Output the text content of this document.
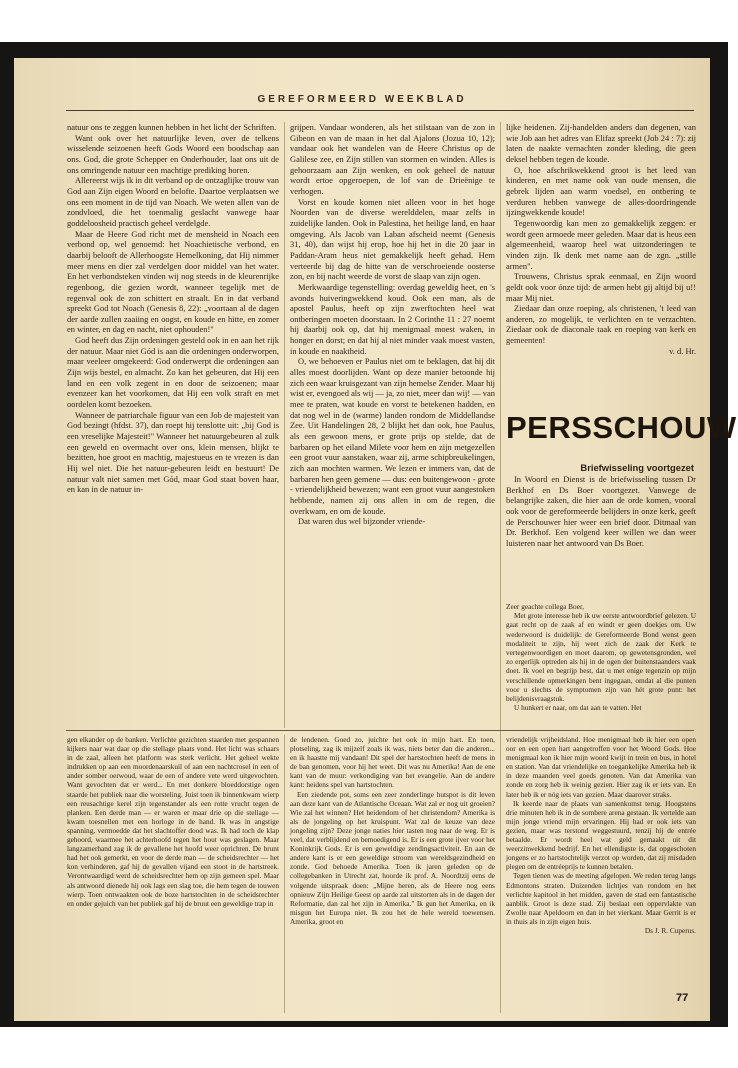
GEREFORMEERD WEEKBLAD

natuur ons te zeggen kunnen hebben in het licht der Schriften.

Want ook over het natuurlijke leven, over de telkens wisselende seizoenen heeft Gods Woord een boodschap aan ons. God, die grote Schepper en Onderhouder, laat ons uit de ons omringende natuur een machtige prediking horen.

Allereerst wijs ik in dit verband op de ontzaglijke trouw van God aan Zijn eigen Woord en belofte. Daartoe verplaatsen we ons een moment in de tijd van Noach. We weten allen van de zondvloed, die het toenmalig geslacht vanwege haar goddeloosheid practisch geheel verdelgde.

Maar de Heere God richt met de mensheid in Noach een verbond op, wel genoemd: het Noachietische verbond, en daarbij belooft de Allerhoogste Hemelkoning, dat Hij nimmer meer mens en dier zal verdelgen door middel van het water. En het verbondsteken vinden wij nog steeds in de kleurenrijke regenboog, die gezien wordt, wanneer tegelijk met de regenval ook de zon schittert en straalt. En in dat verband spreekt God tot Noach (Genesis 8, 22): „voortaan al de dagen der aarde zullen zaaiing en oogst, en koude en hitte, en zomer en winter, en dag en nacht, niet ophouden!"

God heeft dus Zijn ordeningen gesteld ook in en aan het rijk der natuur. Maar niet Gód is aan die ordeningen onderworpen, maar veeleer omgekeerd: God onderwerpt die ordeningen aan Zijn wijs bestel, en almacht. Zo kan het gebeuren, dat Hij een land en een volk zegent in en door de seizoenen; maar evenzeer kan het voorkomen, dat Hij een volk straft en met oordelen komt bezoeken.

Wanneer de patriarchale figuur van een Job de majesteit van God bezingt (hfdst. 37), dan roept hij tenslotte uit: „bij God is een vreselijke Majesteit!" Wanneer het natuurgebeuren al zulk een geweld en overmacht over ons, klein mensen, blijkt te bezitten, hoe groot en machtig, majestueus en te vrezen is dan Hij wel niet. Die het natuur-gebeuren leidt en bestuurt! De natuur valt niet samen met Gód, maar God staat boven haar, en kan in de natuur in-

grijpen. Vandaar wonderen, als het stilstaan van de zon in Gibeon en van de maan in het dal Ajalons (Jozua 10, 12); vandaar ook het wandelen van de Heere Christus op de Galilese zee, en Zijn stillen van stormen en winden. Alles is gehoorzaam aan Zijn wenken, en ook geheel de natuur wordt ertoe opgeroepen, de lof van de Drieënige te verhogen.

Vorst en koude komen niet alleen voor in het hoge Noorden van de diverse werelddelen, maar zelfs in zuidelijke landen. Ook in Palestina, het heilige land, en haar omgeving. Als Jacob van Laban afscheid neemt (Genesis 31, 40), dan wijst hij erop, hoe hij het in die 20 jaar in Paddan-Aram heus niet gemakkelijk heeft gehad. Hem verteerde bij dag de hitte van de verschroeiende oosterse zon, en bij nacht weerde de vorst de slaap van zijn ogen.

Merkwaardige tegenstelling: overdag geweldig heet, en 's avonds huiveringwekkend koud. Ook een man, als de apostel Paulus, heeft op zijn zwerftochten heel wat ontberingen moeten doorstaan. In 2 Corinthe 11 : 27 noemt hij daarbij ook op, dat hij menigmaal moest waken, in honger en dorst; en dat hij al niet minder vaak moest vasten, in koude en naaktheid.

O, we behoeven er Paulus niet om te beklagen, dat hij dit alles moest doorlijden. Want op deze manier betoonde hij zich een waar kruisgezant van zijn hemelse Zender. Maar hij wist er, evengoed als wij — ja, zo niet, meer dan wij! — van mee te praten, wat koude en vorst te betekenen hadden, en dat nog wel in de (warme) landen rondom de Middellandse Zee. Uit Handelingen 28, 2 blijkt het dan ook, hoe Paulus, als een gewoon mens, er grote prijs op stelde, dat de barbaren op het eiland Milete voor hem en zijn metgezellen een groot vuur aanstaken, waar zij, arme schipbreukelingen, zich aan mochten warmen. We lezen er immers van, dat de barbaren hen geen gemene — dus: een buitengewoon - grote - vriendelijkheid bewezen; want een groot vuur aangestoken hebbende, namen zij ons allen in om de regen, die overkwam, en om de koude.

Dat waren dus wel bijzonder vriende-

lijke heidenen. Zij-handelden anders dan degenen, van wie Job aan het adres van Elifaz spreekt (Job 24 : 7): zij laten de naakte vernachten zonder kleding, die geen deksel hebben tegen de koude.

O, hoe afschrikwekkend groot is het leed van kinderen, en met name ook van oude mensen, die gebrek lijden aan warm voedsel, en ontbering te verduren hebben vanwege de alles-doordringende ijzingwekkende koude!

Tegenwoordig kan men zo gemakkelijk zeggen: er wordt geen armoede meer geleden. Maar dat is heus een algemeenheid, waarop heel wat uitzonderingen te vinden zijn. Ik denk met name aan de zgn. „stille armen".

Trouwens, Christus sprak eenmaal, en Zijn woord geldt ook voor ónze tijd: de armen hebt gij altijd bij u!! maar Mij niet.

Ziedaar dan onze roeping, als christenen, 't leed van anderen, zo mogelijk, te verlichten en te verzachten. Ziedaar ook de diaconale taak en roeping van kerk en gemeenten!

v. d. Hr.

PERSSCHOUW
Briefwisseling voortgezet

In Woord en Dienst is de briefwisseling tussen Dr Berkhof en Ds Boer voortgezet. Vanwege de belangrijke zaken, die hier aan de orde komen, vooral ook voor de gereformeerde belijders in onze kerk, geeft de Perschouwer hier weer een brief door. Ditmaal van Dr. Berkhof. Een volgend keer willen we dan weer luisteren naar het antwoord van Ds Boer.

Zeer geachte collega Boer,

Met grote interesse heb ik uw eerste antwoordbrief gelezen. U gaat recht op de zaak af en windt er geen doekjes om. Uw wederwoord is duidelijk: de Gereformeerde Bond wenst geen modaliteit te zijn, hij weet zich de zaak der Kerk te vertegenwoordigen en moet daarom, op gewetensgronden, wel zo ergerlijk optreden als hij in de ogen der buitenstaanders vaak doet. Ik voel en begrijp best, dat u met enige tegenzin op mijn verschillende opmerkingen bent ingegaan, omdat al die punten voor u slechts de symptomen zijn van hét grote punt: het belijdenisvraagstuk.

U hunkert er naar, om dat aan te vatten. Het

gen elkander op de banken. Verlichte gezichten staarden met gespannen kijkers naar wat daar op die stellage plaats vond. Het licht was schaars in de zaal, alleen het platform was sterk verlicht. Het geheel wekte indrukken op aan een moordenaarskuil of aan een nachtcrosel in een of ander somber oerwoud, waar de een of andere vete werd uitgevochten. Want gevochten dat er werd... En met donkere bloeddorstige ogen staarde het publiek naar die worsteling. Juist toen ik binnenkwam wierp een reusachtige kerel zijn tegenstander als een rotte vrucht tegen de planken. Een derde man — er waren er maar drie op die stellage — kwam toesnellen met een horloge in de hand. Ik was in angstige spanning, vermoedde dat het slachtoffer dood was. Ik had toch de klap gehoord, waarmee het achterhoofd tegen het hout was geslagen. Maar langzamerhand zag ik de gevallene het hoofd weer oprichten. De brunt had het ook gemerkt, en voor de derde man — de scheidsrechter — het kon verhinderen, gaf hij de gevallen vijand een stoot in de hartstreek. Verontwaardigd werd de scheidsrechter hem op zijn gemeen spel. Maar als antwoord dienede hij ook lags een slag toe, die hem tegen de touwen wierp. Toen ontwaakten ook de boze hartstochten in de scheidsrechter en onder gejuich van het publiek gaf hij de bruut een geweldige trap in

de lendenen. Goed zo, juichte het ook in mijn hart. En toen, plotseling, zag ik mijzelf zoals ik was, niets beter dan die anderen... en ik haastte mij vandaan! Dit spel der hartstochten heeft de mens in de ban genomen, voor hij het weet. Dit was nu Amerika! Aan de ene kant van de muur: verkondiging van het evangelie. Aan de andere kant: heidens spel van hartstochten.

Een ziedende pot, soms een zeer zonderlinge hutspot is dit leven aan deze kant van de Atlantische Oceaan. Wat zal er nog uit groeien? Wie zal het winnen? Het heidendom of het christendom? Amerika is als de jongeling op het kruispunt. Wat zal de keuze van deze jongeling zijn? Deze jonge naties hier tasten nog naar de weg. Er is veel, dat verblijdend en bemoedigend is. Er is een grote ijver voor het Koninkrijk Gods. Er is een geweldige zendingsactiviteit. En aan de andere kant is er een geweldige stroom van wereldsgezindheid en zonde. God behoede Amerika. Toen ik jaren geleden op de collegebanken in Utrecht zat, hoorde ik prof. A. Noordtzij eens de volgende uitspraak doen: „Mijne heren, als de Heere nog eens opnieuw Zijn Heilige Geest op aarde zal uitstorten als in de dagen der Reformatie, dan zal het zijn in Amerika." Ik gun het Amerika, en ik misgun het Europa niet. Ik zou het de hele wereld toewensen. Amerika, groot en

vriendelijk vrijheidsland. Hoe menigmaal heb ik hier een open oor en een open hart aangetroffen voor het Woord Gods. Hoe menigmaal kon ik hier mijn woord kwijt in trein en bus, in hotel en station. Van dat vriendelijke en toegankelijke Amerika heb ik in deze maanden veel goeds genoten. Van dat Amerika van zonde en zorg heb ik weinig gezien. Hier zag ik er iets van. En later heb ik er nóg iets van gezien. Maar daarover straks.

Ik keerde naar de plaats van samenkomst terug. Hoogstens drie minuten heb ik in de sombere arena gestaan. Ik vertelde aan mijn jonge vriend mijn ervaringen. Hij had er ook iets van gezien, maar was terstond weggestuurd, tenzij hij de entrée betaalde. Er wordt heel wat geld gemaakt uit dit weerzinwekkend bedrijf. En het ellendigste is, dat opgeschoten jongens er zo hartstochtelijk verzot op worden, dat zij misdaden plegen om de entréeprijs te kunnen betalen.

Tegen tienen was de meeting afgelopen. We reden terug langs Edmontons straten. Duizenden lichtjes van rondom en het verlichte kapitool in het midden, gaven de stad een fantastische aanblik. Groot is deze stad. Zij beslaat een oppervlakte van Zwolle naar Apeldoorn en dan in het vierkant. Maar Gerrit is er in thuis als in zijn eigen huis.

Ds J. R. Cuperus.

77
